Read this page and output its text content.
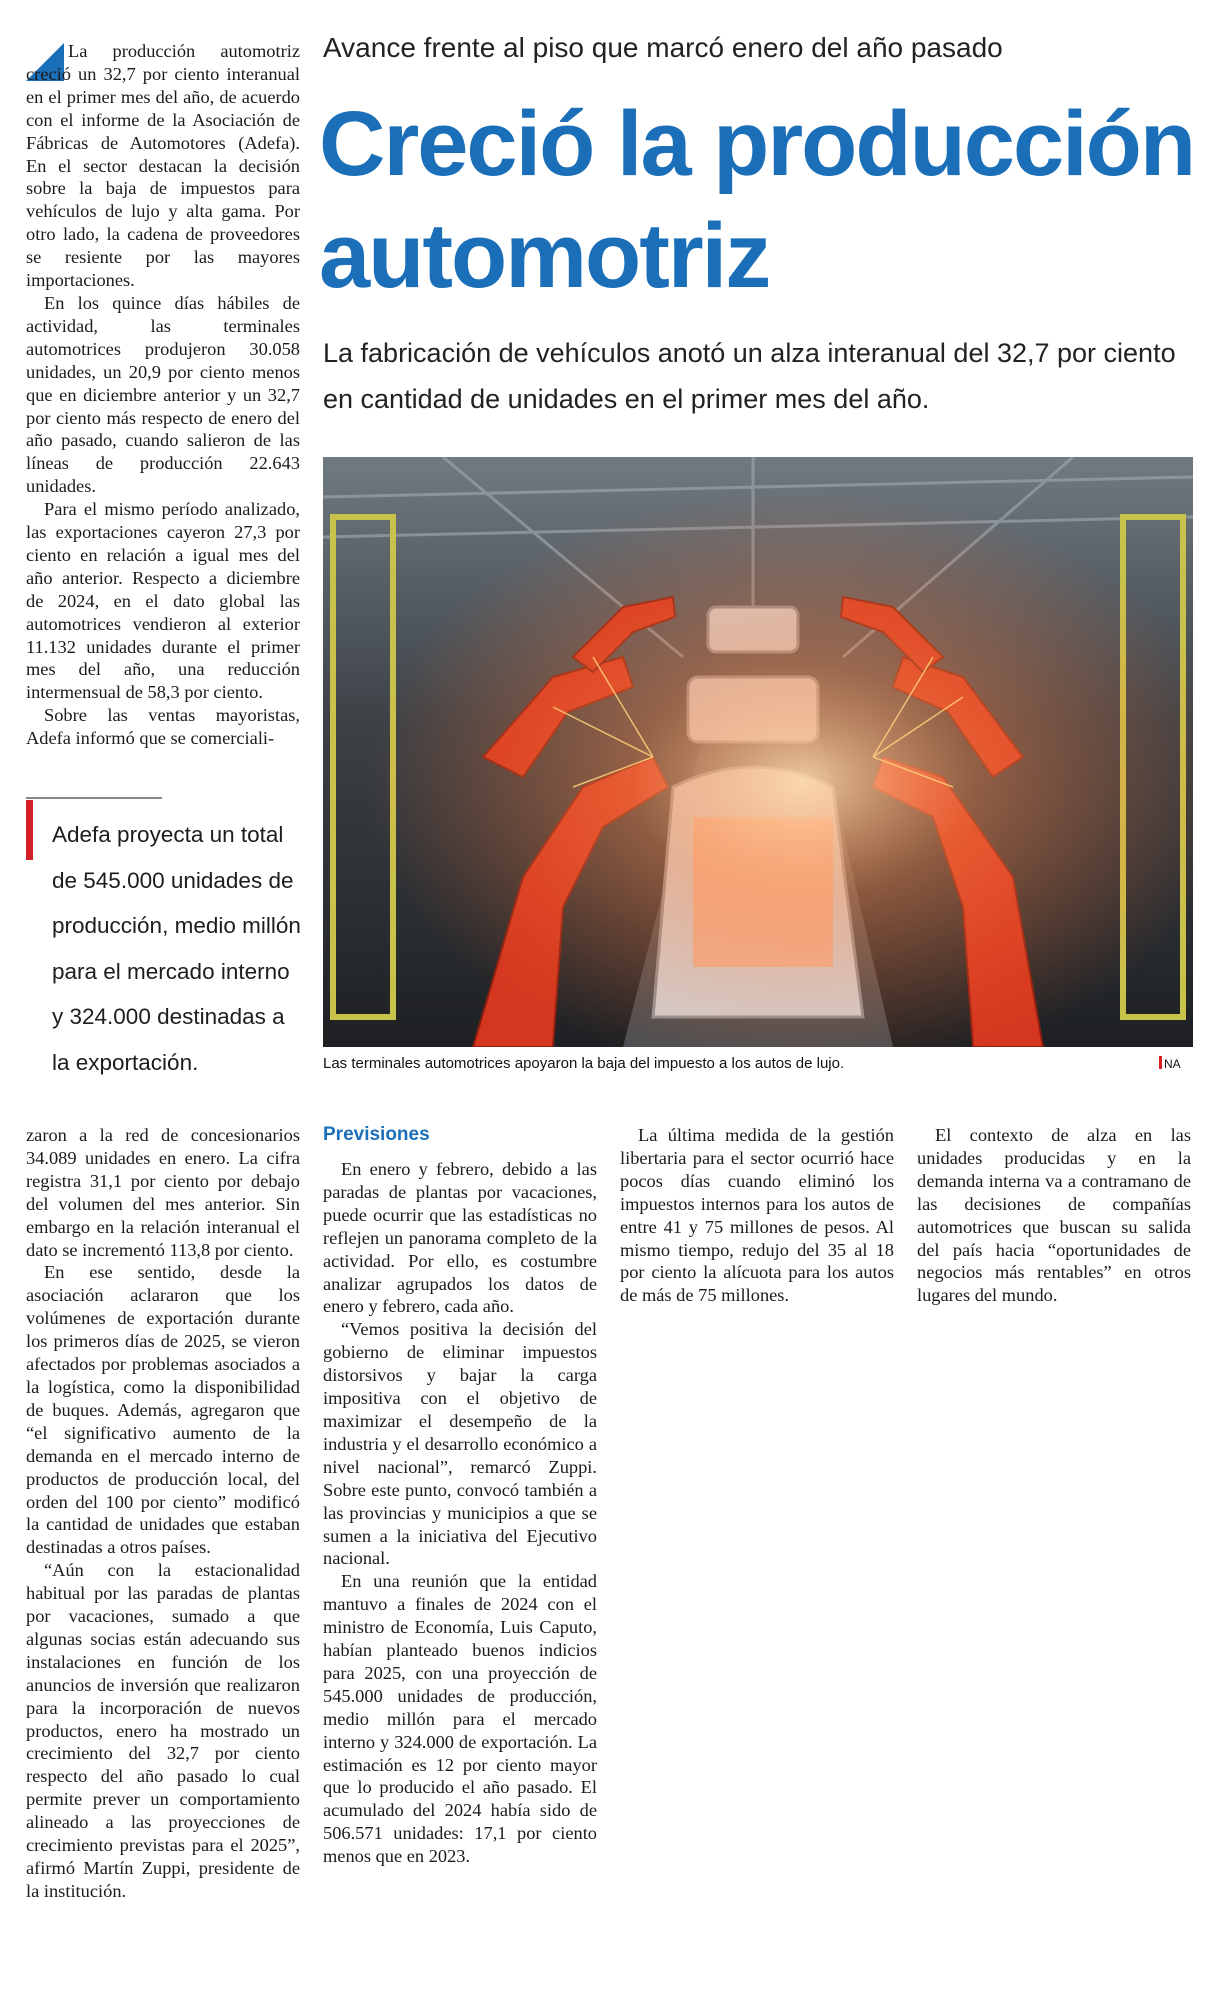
La producción automotriz creció un 32,7 por ciento interanual en el primer mes del año, de acuerdo con el informe de la Asociación de Fábricas de Automotores (Adefa). En el sector destacan la decisión sobre la baja de impuestos para vehículos de lujo y alta gama. Por otro lado, la cadena de proveedores se resiente por las mayores importaciones.

En los quince días hábiles de actividad, las terminales automotrices produjeron 30.058 unidades, un 20,9 por ciento menos que en diciembre anterior y un 32,7 por ciento más respecto de enero del año pasado, cuando salieron de las líneas de producción 22.643 unidades.

Para el mismo período analizado, las exportaciones cayeron 27,3 por ciento en relación a igual mes del año anterior. Respecto a diciembre de 2024, en el dato global las automotrices vendieron al exterior 11.132 unidades durante el primer mes del año, una reducción intermensual de 58,3 por ciento.

Sobre las ventas mayoristas, Adefa informó que se comerciali-

Avance frente al piso que marcó enero del año pasado
Creció la producción automotriz

La fabricación de vehículos anotó un alza interanual del 32,7 por ciento en cantidad de unidades en el primer mes del año.

Las terminales automotrices apoyaron la baja del impuesto a los autos de lujo.	NA

Adefa proyecta un total de 545.000 unidades de producción, medio millón para el mercado interno y 324.000 destinadas a la exportación.

zaron a la red de concesionarios 34.089 unidades en enero. La cifra registra 31,1 por ciento por debajo del volumen del mes anterior. Sin embargo en la relación interanual el dato se incrementó 113,8 por ciento.

En ese sentido, desde la asociación aclararon que los volúmenes de exportación durante los primeros días de 2025, se vieron afectados por problemas asociados a la logística, como la disponibilidad de buques. Además, agregaron que “el significativo aumento de la demanda en el mercado interno de productos de producción local, del orden del 100 por ciento” modificó la cantidad de unidades que estaban destinadas a otros países.

“Aún con la estacionalidad habitual por las paradas de plantas por vacaciones, sumado a que algunas socias están adecuando sus instalaciones en función de los anuncios de inversión que realizaron para la incorporación de nuevos productos, enero ha mostrado un crecimiento del 32,7 por ciento respecto del año pasado lo cual permite prever un comportamiento alineado a las proyecciones de crecimiento previstas para el 2025”, afirmó Martín Zuppi, presidente de la institución.

Previsiones

En enero y febrero, debido a las paradas de plantas por vacaciones, puede ocurrir que las estadísticas no reflejen un panorama completo de la actividad. Por ello, es costumbre analizar agrupados los datos de enero y febrero, cada año.

“Vemos positiva la decisión del gobierno de eliminar impuestos distorsivos y bajar la carga impositiva con el objetivo de maximizar el desempeño de la industria y el desarrollo económico a nivel nacional”, remarcó Zuppi. Sobre este punto, convocó también a las provincias y municipios a que se sumen a la iniciativa del Ejecutivo nacional.

En una reunión que la entidad mantuvo a finales de 2024 con el ministro de Economía, Luis Caputo, habían planteado buenos indicios para 2025, con una proyección de 545.000 unidades de producción, medio millón para el mercado interno y 324.000 de exportación. La estimación es 12 por ciento mayor que lo producido el año pasado. El acumulado del 2024 había sido de 506.571 unidades: 17,1 por ciento menos que en 2023.

La última medida de la gestión libertaria para el sector ocurrió hace pocos días cuando eliminó los impuestos internos para los autos de entre 41 y 75 millones de pesos. Al mismo tiempo, redujo del 35 al 18 por ciento la alícuota para los autos de más de 75 millones.

El contexto de alza en las unidades producidas y en la demanda interna va a contramano de las decisiones de compañías automotrices que buscan su salida del país hacia “oportunidades de negocios más rentables” en otros lugares del mundo.
